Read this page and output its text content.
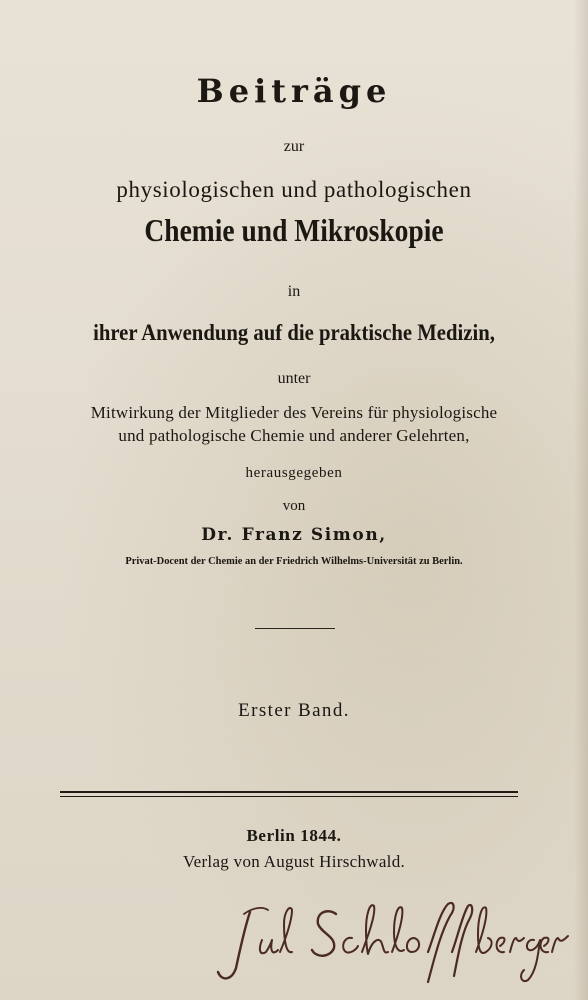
Beiträge
zur
physiologischen und pathologischen
Chemie und Mikroskopie
in
ihrer Anwendung auf die praktische Medizin,
unter
Mitwirkung der Mitglieder des Vereins für physiologische
und pathologische Chemie und anderer Gelehrten,
herausgegeben
von
Dr. Franz Simon,
Privat-Docent der Chemie an der Friedrich Wilhelms-Universität zu Berlin.
Erster Band.
Berlin 1844.
Verlag von August Hirschwald.
